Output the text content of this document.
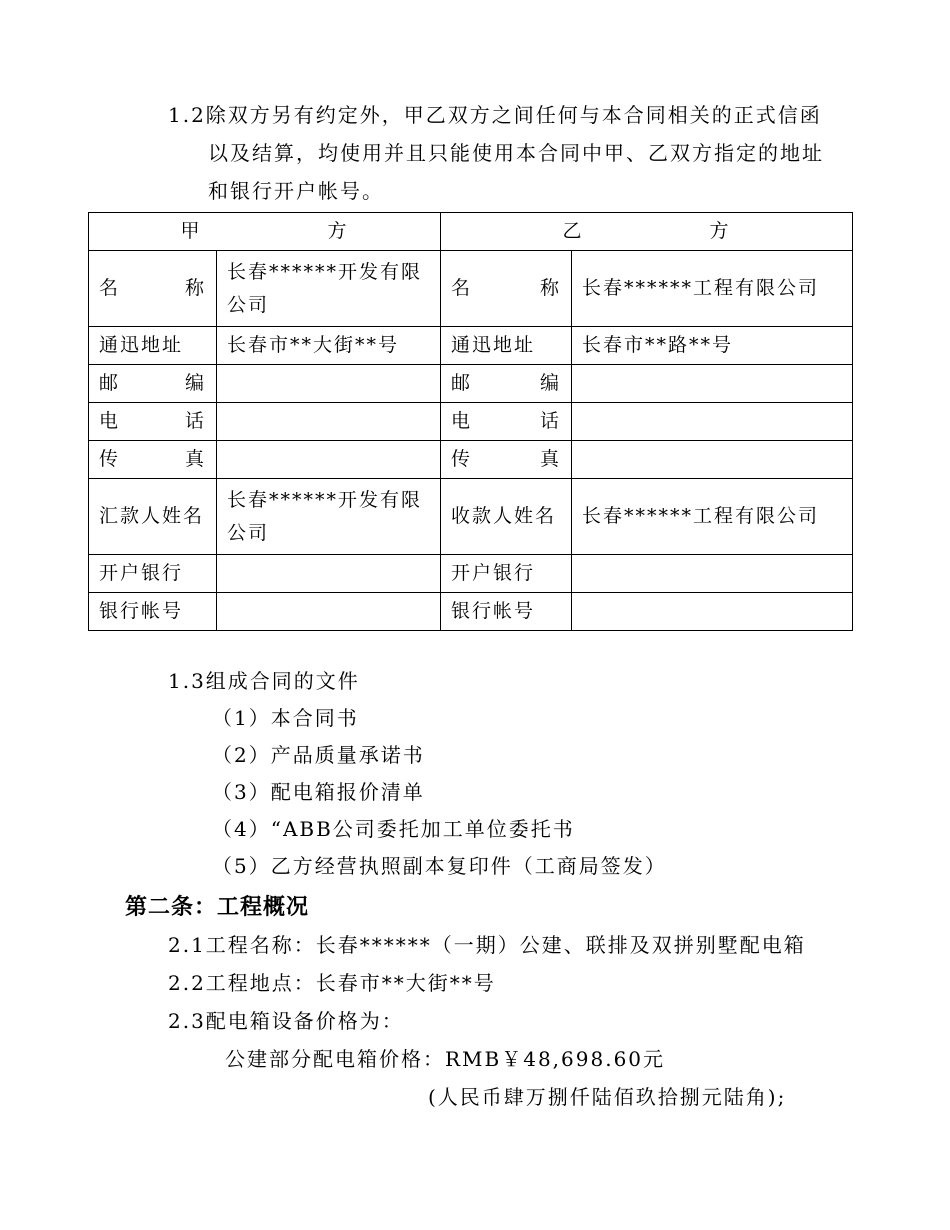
1.2除双方另有约定外，甲乙双方之间任何与本合同相关的正式信函
以及结算，均使用并且只能使用本合同中甲、乙双方指定的地址
和银行开户帐号。
甲　　　　　　方		乙　　　　　　方	
名　　称	长春******开发有限公司	名　　称	长春******工程有限公司
通迅地址	长春市**大街**号	通迅地址	长春市**路**号
邮　　编		邮　　编	
电　　话		电　　话	
传　　真		传　　真	
汇款人姓名	长春******开发有限公司	收款人姓名	长春******工程有限公司
开户银行		开户银行	
银行帐号		银行帐号	
1.3组成合同的文件
（1）本合同书
（2）产品质量承诺书
（3）配电箱报价清单
（4）“ABB公司委托加工单位委托书
（5）乙方经营执照副本复印件（工商局签发）
第二条：工程概况
2.1工程名称：长春******（一期）公建、联排及双拼别墅配电箱
2.2工程地点：长春市**大街**号
2.3配电箱设备价格为：
公建部分配电箱价格：RMB￥48,698.60元
(人民币肆万捌仟陆佰玖拾捌元陆角);
